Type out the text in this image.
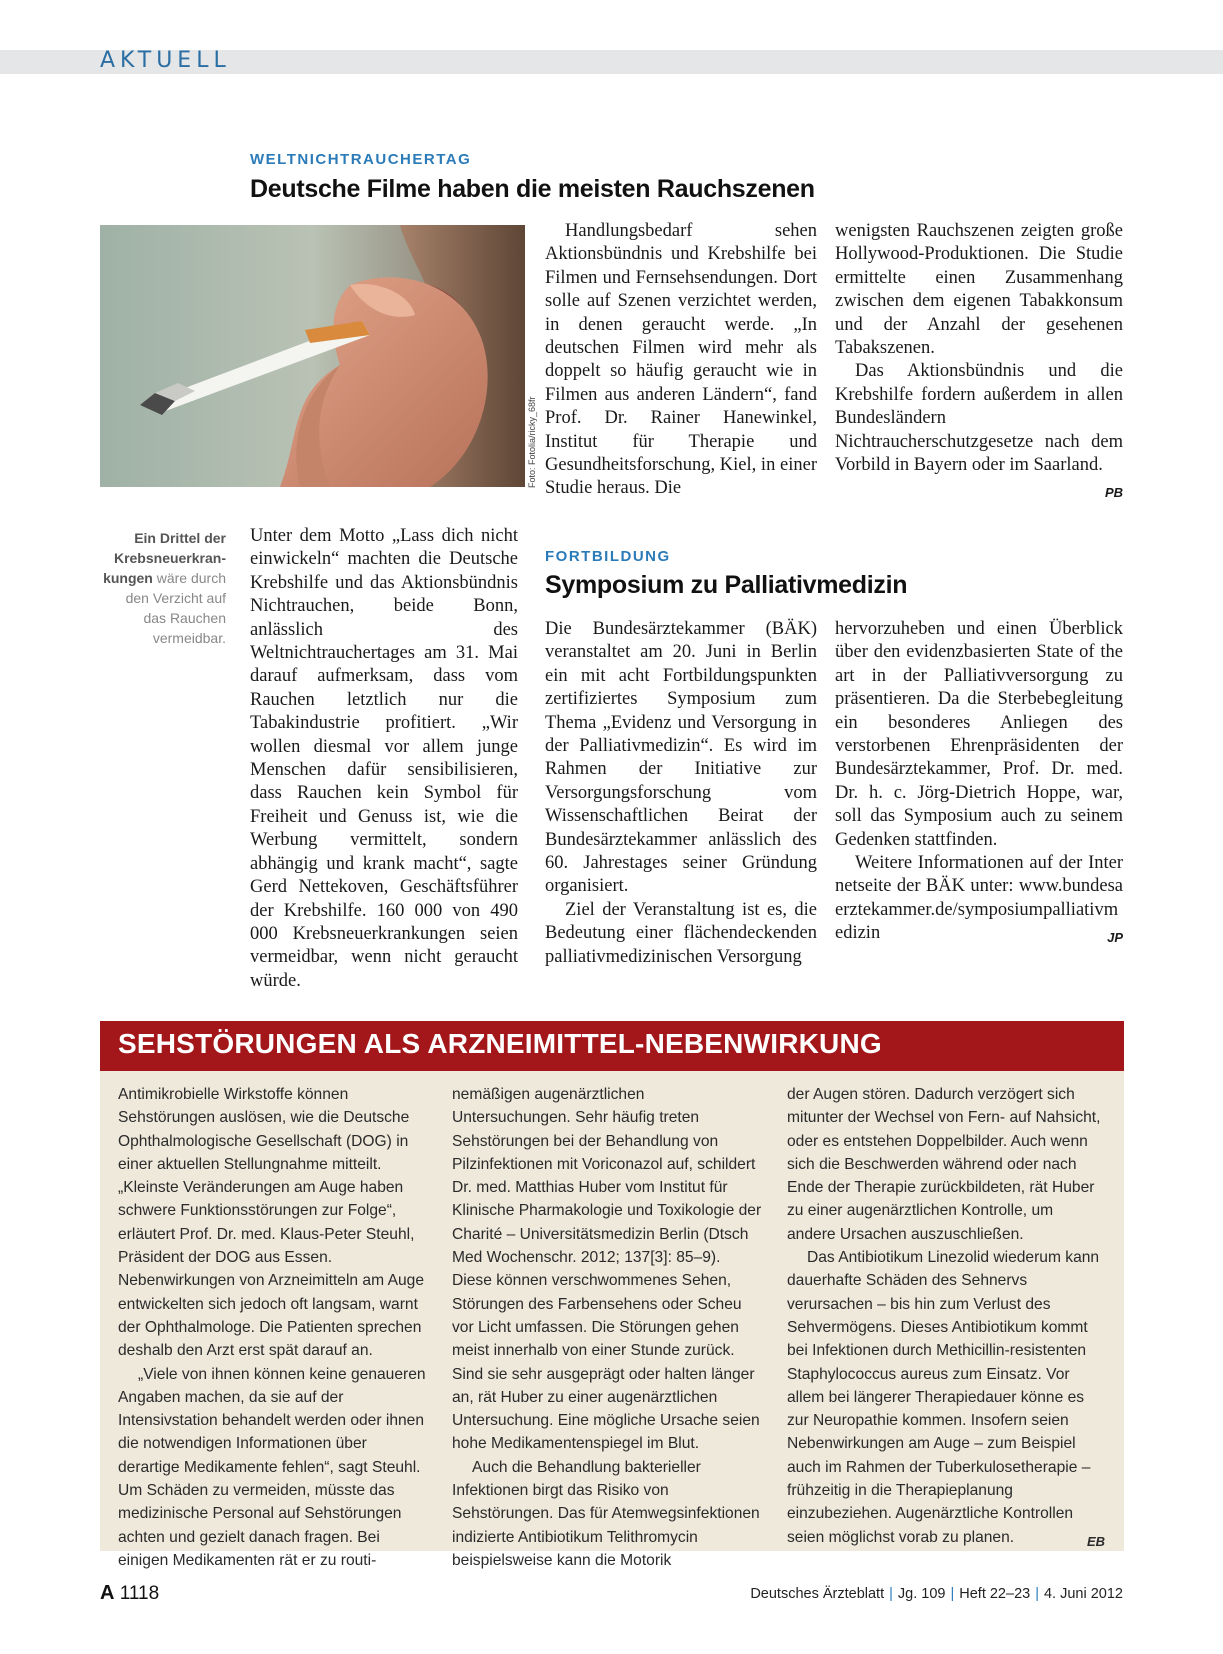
AKTUELL
WELTNICHTRAUCHERTAG
Deutsche Filme haben die meisten Rauchszenen
Foto: Fotolia/ricky_68fr

Handlungsbedarf sehen Aktionsbündnis und Krebshilfe bei Filmen und Fernsehsendungen. Dort solle auf Szenen verzichtet werden, in denen geraucht werde. „In deutschen Filmen wird mehr als doppelt so häufig geraucht wie in Filmen aus anderen Ländern“, fand Prof. Dr. Rainer Hanewinkel, Institut für Therapie und Gesundheitsforschung, Kiel, in einer Studie heraus. Die

wenigsten Rauchszenen zeigten große Hollywood-Produktionen. Die Studie ermittelte einen Zusammenhang zwischen dem eigenen Tabakkonsum und der Anzahl der gesehenen Tabakszenen.

Das Aktionsbündnis und die Krebshilfe fordern außerdem in allen Bundesländern Nichtraucherschutzgesetze nach dem Vorbild in Bayern oder im Saarland.
PB

Ein Drittel der Krebsneuerkran-kungen wäre durch den Verzicht auf das Rauchen vermeidbar.

Unter dem Motto „Lass dich nicht einwickeln“ machten die Deutsche Krebshilfe und das Aktionsbündnis Nichtrauchen, beide Bonn, anlässlich des Weltnichtrauchertages am 31. Mai darauf aufmerksam, dass vom Rauchen letztlich nur die Tabakindustrie profitiert. „Wir wollen diesmal vor allem junge Menschen dafür sensibilisieren, dass Rauchen kein Symbol für Freiheit und Genuss ist, wie die Werbung vermittelt, sondern abhängig und krank macht“, sagte Gerd Nettekoven, Geschäftsführer der Krebshilfe. 160 000 von 490 000 Krebsneuerkrankungen seien vermeidbar, wenn nicht geraucht würde.

FORTBILDUNG
Symposium zu Palliativmedizin

Die Bundesärztekammer (BÄK) veranstaltet am 20. Juni in Berlin ein mit acht Fortbildungspunkten zertifiziertes Symposium zum Thema „Evidenz und Versorgung in der Palliativmedizin“. Es wird im Rahmen der Initiative zur Versorgungsforschung vom Wissenschaftlichen Beirat der Bundesärztekammer anlässlich des 60. Jahrestages seiner Gründung organisiert.

Ziel der Veranstaltung ist es, die Bedeutung einer flächendeckenden palliativmedizinischen Versorgung

hervorzuheben und einen Überblick über den evidenzbasierten State of the art in der Palliativversorgung zu präsentieren. Da die Sterbebegleitung ein besonderes Anliegen des verstorbenen Ehrenpräsidenten der Bundesärztekammer, Prof. Dr. med. Dr. h. c. Jörg-Dietrich Hoppe, war, soll das Symposium auch zu seinem Gedenken stattfinden.

Weitere Informationen auf der Internetseite der BÄK unter: www.bundesaerztekammer.de/symposiumpalliativmedizin	JP

SEHSTÖRUNGEN ALS ARZNEIMITTEL-NEBENWIRKUNG

Antimikrobielle Wirkstoffe können Sehstörungen auslösen, wie die Deutsche Ophthalmologische Gesellschaft (DOG) in einer aktuellen Stellungnahme mitteilt. „Kleinste Veränderungen am Auge haben schwere Funktionsstörungen zur Folge“, erläutert Prof. Dr. med. Klaus-Peter Steuhl, Präsident der DOG aus Essen. Nebenwirkungen von Arzneimitteln am Auge entwickelten sich jedoch oft langsam, warnt der Ophthalmologe. Die Patienten sprechen deshalb den Arzt erst spät darauf an.

„Viele von ihnen können keine genaueren Angaben machen, da sie auf der Intensivstation behandelt werden oder ihnen die notwendigen Informationen über derartige Medikamente fehlen“, sagt Steuhl. Um Schäden zu vermeiden, müsste das medizinische Personal auf Sehstörungen achten und gezielt danach fragen. Bei einigen Medikamenten rät er zu routi-

nemäßigen augenärztlichen Untersuchungen. Sehr häufig treten Sehstörungen bei der Behandlung von Pilzinfektionen mit Voriconazol auf, schildert Dr. med. Matthias Huber vom Institut für Klinische Pharmakologie und Toxikologie der Charité – Universitätsmedizin Berlin (Dtsch Med Wochenschr. 2012; 137[3]: 85–9). Diese können verschwommenes Sehen, Störungen des Farbensehens oder Scheu vor Licht umfassen. Die Störungen gehen meist innerhalb von einer Stunde zurück. Sind sie sehr ausgeprägt oder halten länger an, rät Huber zu einer augenärztlichen Untersuchung. Eine mögliche Ursache seien hohe Medikamentenspiegel im Blut.

Auch die Behandlung bakterieller Infektionen birgt das Risiko von Sehstörungen. Das für Atemwegsinfektionen indizierte Antibiotikum Telithromycin beispielsweise kann die Motorik

der Augen stören. Dadurch verzögert sich mitunter der Wechsel von Fern- auf Nahsicht, oder es entstehen Doppelbilder. Auch wenn sich die Beschwerden während oder nach Ende der Therapie zurückbildeten, rät Huber zu einer augenärztlichen Kontrolle, um andere Ursachen auszuschließen.

Das Antibiotikum Linezolid wiederum kann dauerhafte Schäden des Sehnervs verursachen – bis hin zum Verlust des Sehvermögens. Dieses Antibiotikum kommt bei Infektionen durch Methicillin-resistenten Staphylococcus aureus zum Einsatz. Vor allem bei längerer Therapiedauer könne es zur Neuropathie kommen. Insofern seien Nebenwirkungen am Auge – zum Beispiel auch im Rahmen der Tuberkulosetherapie – frühzeitig in die Therapieplanung einzubeziehen. Augenärztliche Kontrollen seien möglichst vorab zu planen.	EB

A 1118	Deutsches Ärzteblatt | Jg. 109 | Heft 22–23 | 4. Juni 2012
